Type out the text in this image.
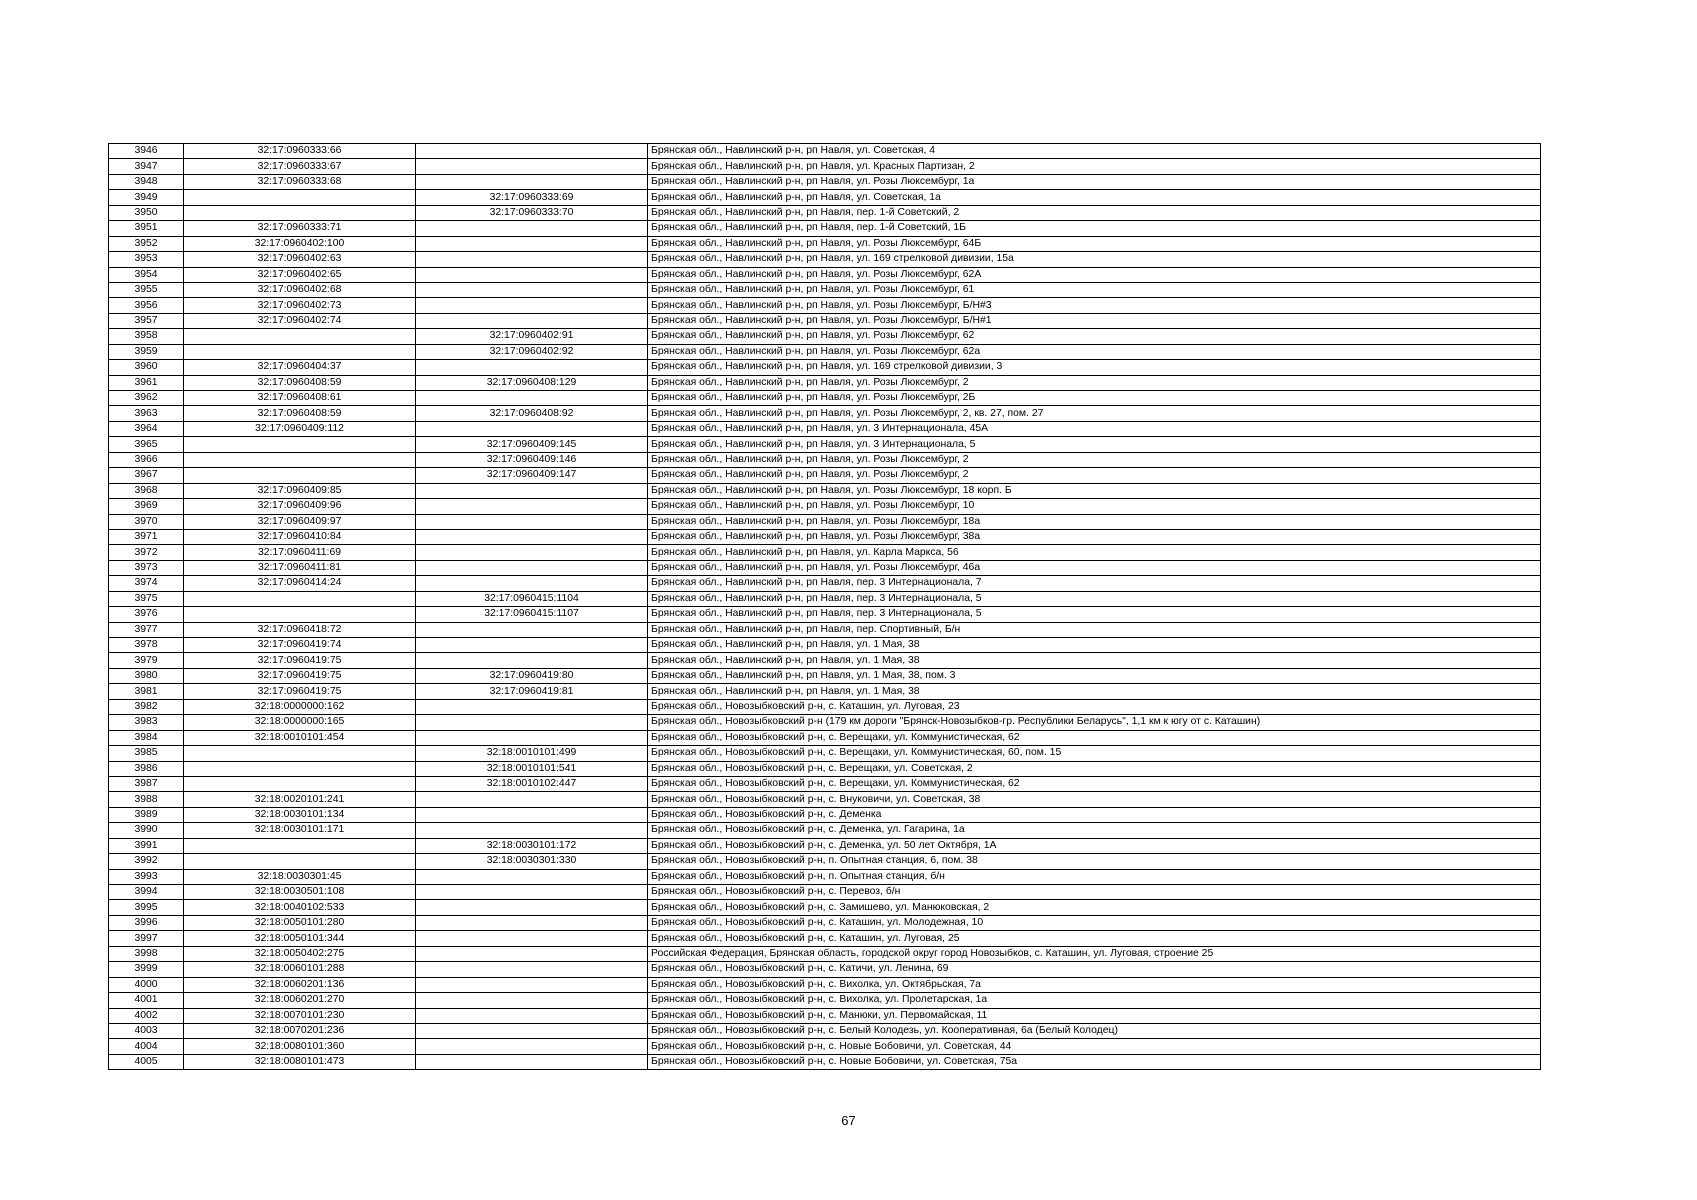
3946	32:17:0960333:66		Брянская обл., Навлинский р-н, рп Навля, ул. Советская, 4
3947	32:17:0960333:67		Брянская обл., Навлинский р-н, рп Навля, ул. Красных Партизан, 2
3948	32:17:0960333:68		Брянская обл., Навлинский р-н, рп Навля, ул. Розы Люксембург, 1а
3949		32:17:0960333:69	Брянская обл., Навлинский р-н, рп Навля, ул. Советская, 1а
3950		32:17:0960333:70	Брянская обл., Навлинский р-н, рп Навля, пер. 1-й Советский, 2
3951	32:17:0960333:71		Брянская обл., Навлинский р-н, рп Навля, пер. 1-й Советский, 1Б
3952	32:17:0960402:100		Брянская обл., Навлинский р-н, рп Навля, ул. Розы Люксембург, 64Б
3953	32:17:0960402:63		Брянская обл., Навлинский р-н, рп Навля, ул. 169 стрелковой дивизии, 15а
3954	32:17:0960402:65		Брянская обл., Навлинский р-н, рп Навля, ул. Розы Люксембург, 62А
3955	32:17:0960402:68		Брянская обл., Навлинский р-н, рп Навля, ул. Розы Люксембург, 61
3956	32:17:0960402:73		Брянская обл., Навлинский р-н, рп Навля, ул. Розы Люксембург, Б/Н#3
3957	32:17:0960402:74		Брянская обл., Навлинский р-н, рп Навля, ул. Розы Люксембург, Б/Н#1
3958		32:17:0960402:91	Брянская обл., Навлинский р-н, рп Навля, ул. Розы Люксембург, 62
3959		32:17:0960402:92	Брянская обл., Навлинский р-н, рп Навля, ул. Розы Люксембург, 62а
3960	32:17:0960404:37		Брянская обл., Навлинский р-н, рп Навля, ул. 169 стрелковой дивизии, 3
3961	32:17:0960408:59	32:17:0960408:129	Брянская обл., Навлинский р-н, рп Навля, ул. Розы Люксембург, 2
3962	32:17:0960408:61		Брянская обл., Навлинский р-н, рп Навля, ул. Розы Люксембург, 2Б
3963	32:17:0960408:59	32:17:0960408:92	Брянская обл., Навлинский р-н, рп Навля, ул. Розы Люксембург, 2, кв. 27, пом. 27
3964	32:17:0960409:112		Брянская обл., Навлинский р-н, рп Навля, ул. 3 Интернационала, 45А
3965		32:17:0960409:145	Брянская обл., Навлинский р-н, рп Навля, ул. 3 Интернационала, 5
3966		32:17:0960409:146	Брянская обл., Навлинский р-н, рп Навля, ул. Розы Люксембург, 2
3967		32:17:0960409:147	Брянская обл., Навлинский р-н, рп Навля, ул. Розы Люксембург, 2
3968	32:17:0960409:85		Брянская обл., Навлинский р-н, рп Навля, ул. Розы Люксембург, 18 корп. Б
3969	32:17:0960409:96		Брянская обл., Навлинский р-н, рп Навля, ул. Розы Люксембург, 10
3970	32:17:0960409:97		Брянская обл., Навлинский р-н, рп Навля, ул. Розы Люксембург, 18а
3971	32:17:0960410:84		Брянская обл., Навлинский р-н, рп Навля, ул. Розы Люксембург, 38а
3972	32:17:0960411:69		Брянская обл., Навлинский р-н, рп Навля, ул. Карла Маркса, 56
3973	32:17:0960411:81		Брянская обл., Навлинский р-н, рп Навля, ул. Розы Люксембург, 46а
3974	32:17:0960414:24		Брянская обл., Навлинский р-н, рп Навля, пер. 3 Интернационала, 7
3975		32:17:0960415:1104	Брянская обл., Навлинский р-н, рп Навля, пер. 3 Интернационала, 5
3976		32:17:0960415:1107	Брянская обл., Навлинский р-н, рп Навля, пер. 3 Интернационала, 5
3977	32:17:0960418:72		Брянская обл., Навлинский р-н, рп Навля, пер. Спортивный, Б/н
3978	32:17:0960419:74		Брянская обл., Навлинский р-н, рп Навля, ул. 1 Мая, 38
3979	32:17:0960419:75		Брянская обл., Навлинский р-н, рп Навля, ул. 1 Мая, 38
3980	32:17:0960419:75	32:17:0960419:80	Брянская обл., Навлинский р-н, рп Навля, ул. 1 Мая, 38, пом. 3
3981	32:17:0960419:75	32:17:0960419:81	Брянская обл., Навлинский р-н, рп Навля, ул. 1 Мая, 38
3982	32:18:0000000:162		Брянская обл., Новозыбковский р-н, с. Каташин, ул. Луговая, 23
3983	32:18:0000000:165		Брянская обл., Новозыбковский р-н (179 км дороги "Брянск-Новозыбков-гр. Республики Беларусь", 1,1 км к югу от с. Каташин)
3984	32:18:0010101:454		Брянская обл., Новозыбковский р-н, с. Верещаки, ул. Коммунистическая, 62
3985		32:18:0010101:499	Брянская обл., Новозыбковский р-н, с. Верещаки, ул. Коммунистическая, 60, пом. 15
3986		32:18:0010101:541	Брянская обл., Новозыбковский р-н, с. Верещаки, ул. Советская, 2
3987		32:18:0010102:447	Брянская обл., Новозыбковский р-н, с. Верещаки, ул. Коммунистическая, 62
3988	32:18:0020101:241		Брянская обл., Новозыбковский р-н, с. Внуковичи, ул. Советская, 38
3989	32:18:0030101:134		Брянская обл., Новозыбковский р-н, с. Деменка
3990	32:18:0030101:171		Брянская обл., Новозыбковский р-н, с. Деменка, ул. Гагарина, 1а
3991		32:18:0030101:172	Брянская обл., Новозыбковский р-н, с. Деменка, ул. 50 лет Октября, 1А
3992		32:18:0030301:330	Брянская обл., Новозыбковский р-н, п. Опытная станция, 6, пом. 38
3993	32:18:0030301:45		Брянская обл., Новозыбковский р-н, п. Опытная станция, б/н
3994	32:18:0030501:108		Брянская обл., Новозыбковский р-н, с. Перевоз, б/н
3995	32:18:0040102:533		Брянская обл., Новозыбковский р-н, с. Замишево, ул. Манюковская, 2
3996	32:18:0050101:280		Брянская обл., Новозыбковский р-н, с. Каташин, ул. Молодежная, 10
3997	32:18:0050101:344		Брянская обл., Новозыбковский р-н, с. Каташин, ул. Луговая, 25
3998	32:18:0050402:275		Российская Федерация, Брянская область, городской округ город Новозыбков, с. Каташин, ул. Луговая, строение 25
3999	32:18:0060101:288		Брянская обл., Новозыбковский р-н, с. Катичи, ул. Ленина, 69
4000	32:18:0060201:136		Брянская обл., Новозыбковский р-н, с. Вихолка, ул. Октябрьская, 7а
4001	32:18:0060201:270		Брянская обл., Новозыбковский р-н, с. Вихолка, ул. Пролетарская, 1а
4002	32:18:0070101:230		Брянская обл., Новозыбковский р-н, с. Манюки, ул. Первомайская, 11
4003	32:18:0070201:236		Брянская обл., Новозыбковский р-н, с. Белый Колодезь, ул. Кооперативная, 6а (Белый Колодец)
4004	32:18:0080101:360		Брянская обл., Новозыбковский р-н, с. Новые Бобовичи, ул. Советская, 44
4005	32:18:0080101:473		Брянская обл., Новозыбковский р-н, с. Новые Бобовичи, ул. Советская, 75а
67
